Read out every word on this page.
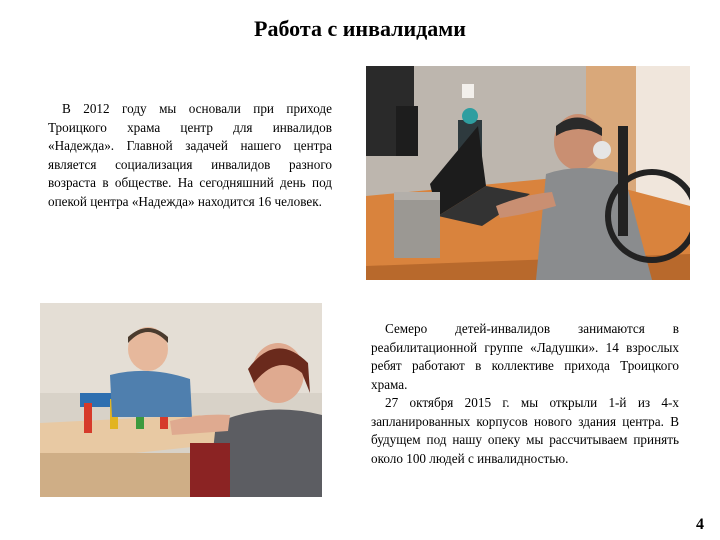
Работа с инвалидами

В 2012 году мы основали при приходе Троицкого храма центр для инвалидов «Надежда». Главной задачей нашего центра является социализация инвалидов разного возраста в обществе. На сегодняшний день под опекой центра «Надежда» находится 16 человек.

Семеро детей-инвалидов занимаются в реабилитационной группе «Ладушки». 14 взрослых ребят работают в коллективе прихода Троицкого храма.

27 октября 2015 г. мы открыли 1-й из 4-х запланированных корпусов нового здания центра. В будущем под нашу опеку мы рассчитываем принять около 100 людей с инвалидностью.

4
